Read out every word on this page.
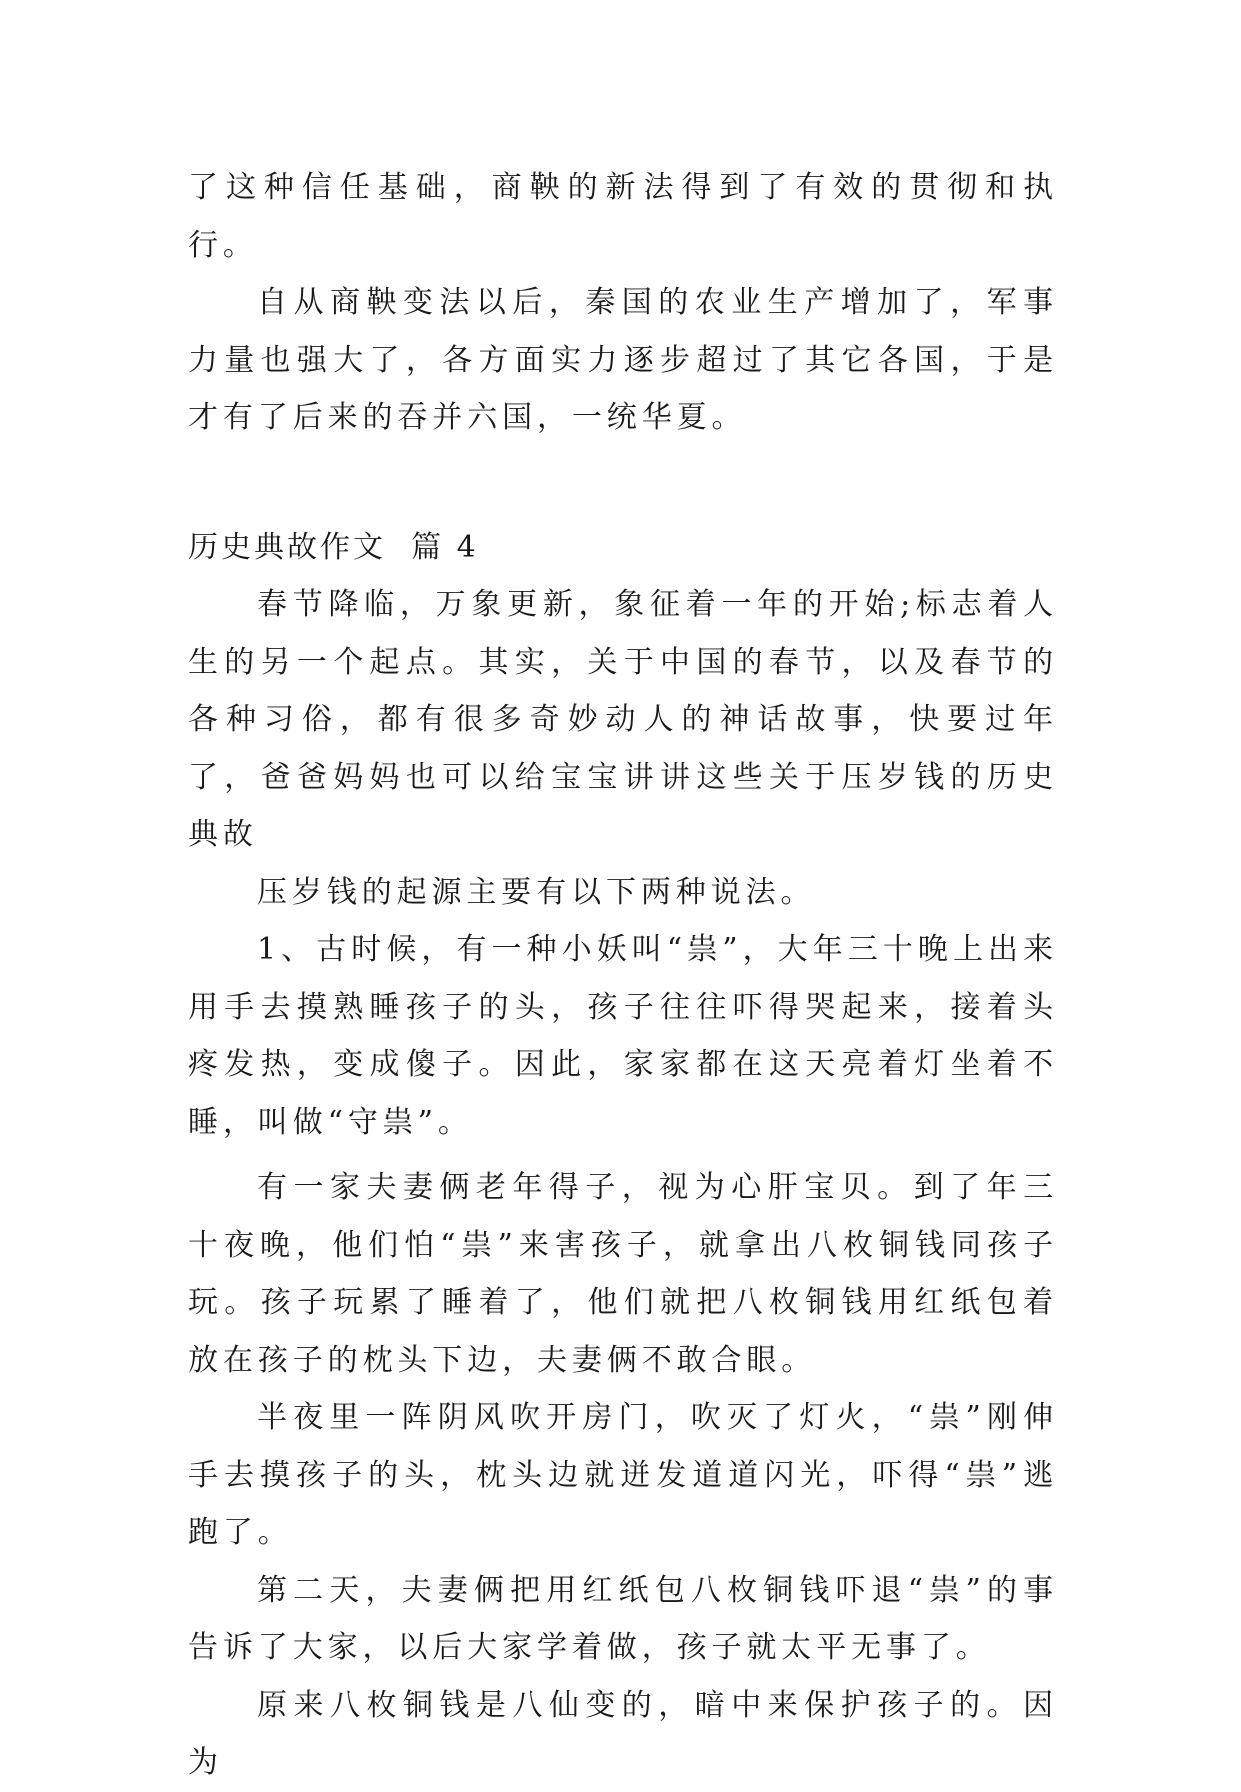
了这种信任基础，商鞅的新法得到了有效的贯彻和执行。

自从商鞅变法以后，秦国的农业生产增加了，军事力量也强大了，各方面实力逐步超过了其它各国，于是才有了后来的吞并六国，一统华夏。

历史典故作文  篇 4

春节降临，万象更新，象征着一年的开始;标志着人生的另一个起点。其实，关于中国的春节，以及春节的各种习俗，都有很多奇妙动人的神话故事，快要过年了，爸爸妈妈也可以给宝宝讲讲这些关于压岁钱的历史典故

压岁钱的起源主要有以下两种说法。

1、古时候，有一种小妖叫“祟”，大年三十晚上出来用手去摸熟睡孩子的头，孩子往往吓得哭起来，接着头疼发热，变成傻子。因此，家家都在这天亮着灯坐着不睡，叫做“守祟”。

有一家夫妻俩老年得子，视为心肝宝贝。到了年三十夜晚，他们怕“祟”来害孩子，就拿出八枚铜钱同孩子玩。孩子玩累了睡着了，他们就把八枚铜钱用红纸包着放在孩子的枕头下边，夫妻俩不敢合眼。

半夜里一阵阴风吹开房门，吹灭了灯火，“祟”刚伸手去摸孩子的头，枕头边就迸发道道闪光，吓得“祟”逃跑了。

第二天，夫妻俩把用红纸包八枚铜钱吓退“祟”的事告诉了大家，以后大家学着做，孩子就太平无事了。

原来八枚铜钱是八仙变的，暗中来保护孩子的。因为
